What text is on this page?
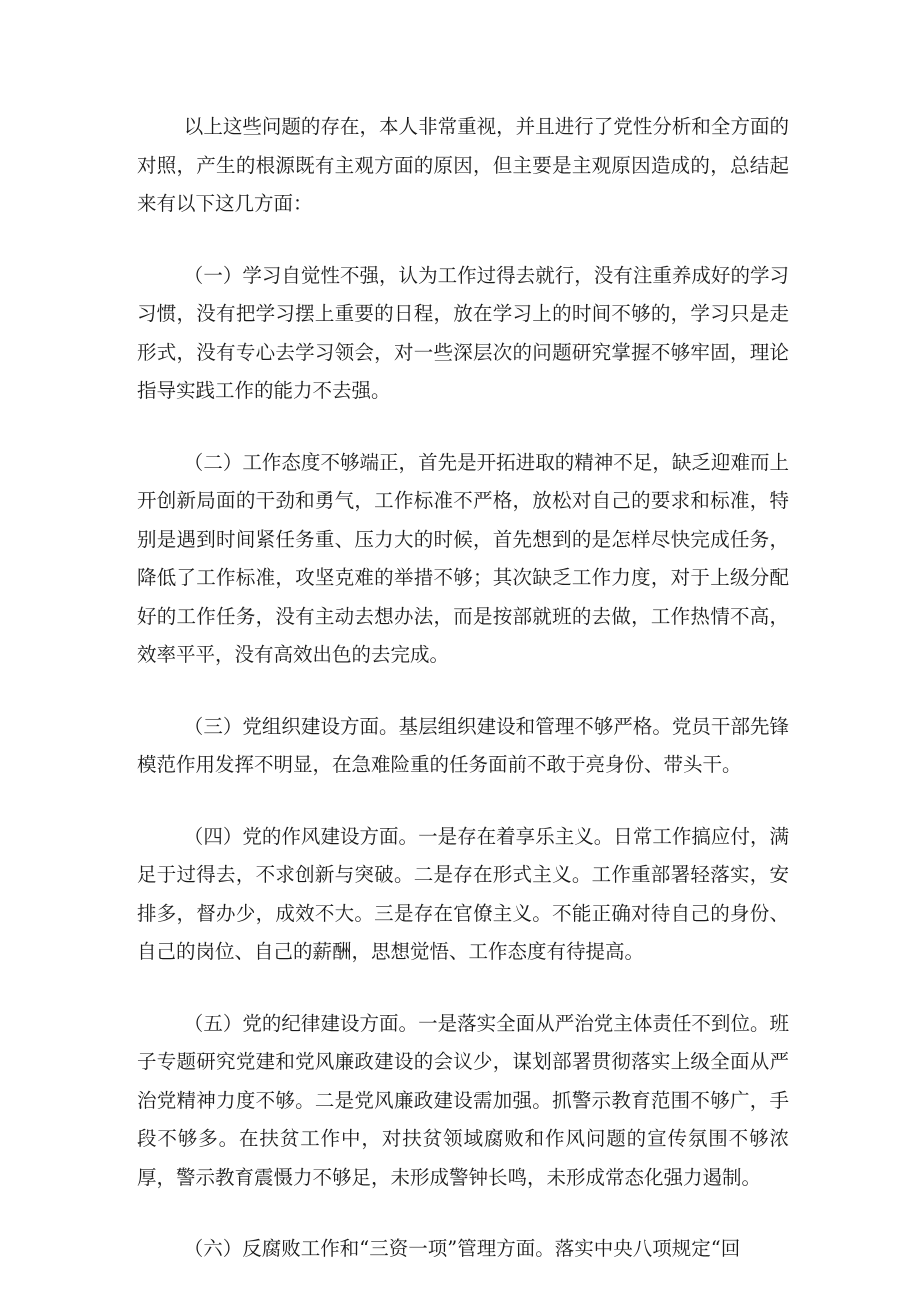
以上这些问题的存在，本人非常重视，并且进行了党性分析和全方面的对照，产生的根源既有主观方面的原因，但主要是主观原因造成的，总结起来有以下这几方面：

（一）学习自觉性不强，认为工作过得去就行，没有注重养成好的学习习惯，没有把学习摆上重要的日程，放在学习上的时间不够的，学习只是走形式，没有专心去学习领会，对一些深层次的问题研究掌握不够牢固，理论指导实践工作的能力不去强。

（二）工作态度不够端正，首先是开拓进取的精神不足，缺乏迎难而上开创新局面的干劲和勇气，工作标准不严格，放松对自己的要求和标准，特别是遇到时间紧任务重、压力大的时候，首先想到的是怎样尽快完成任务，降低了工作标准，攻坚克难的举措不够；其次缺乏工作力度，对于上级分配好的工作任务，没有主动去想办法，而是按部就班的去做，工作热情不高，效率平平，没有高效出色的去完成。

（三）党组织建设方面。基层组织建设和管理不够严格。党员干部先锋模范作用发挥不明显，在急难险重的任务面前不敢于亮身份、带头干。

（四）党的作风建设方面。一是存在着享乐主义。日常工作搞应付，满足于过得去，不求创新与突破。二是存在形式主义。工作重部署轻落实，安排多，督办少，成效不大。三是存在官僚主义。不能正确对待自己的身份、自己的岗位、自己的薪酬，思想觉悟、工作态度有待提高。

（五）党的纪律建设方面。一是落实全面从严治党主体责任不到位。班子专题研究党建和党风廉政建设的会议少，谋划部署贯彻落实上级全面从严治党精神力度不够。二是党风廉政建设需加强。抓警示教育范围不够广，手段不够多。在扶贫工作中，对扶贫领域腐败和作风问题的宣传氛围不够浓厚，警示教育震慑力不够足，未形成警钟长鸣，未形成常态化强力遏制。

（六）反腐败工作和“三资一项”管理方面。落实中央八项规定“回
